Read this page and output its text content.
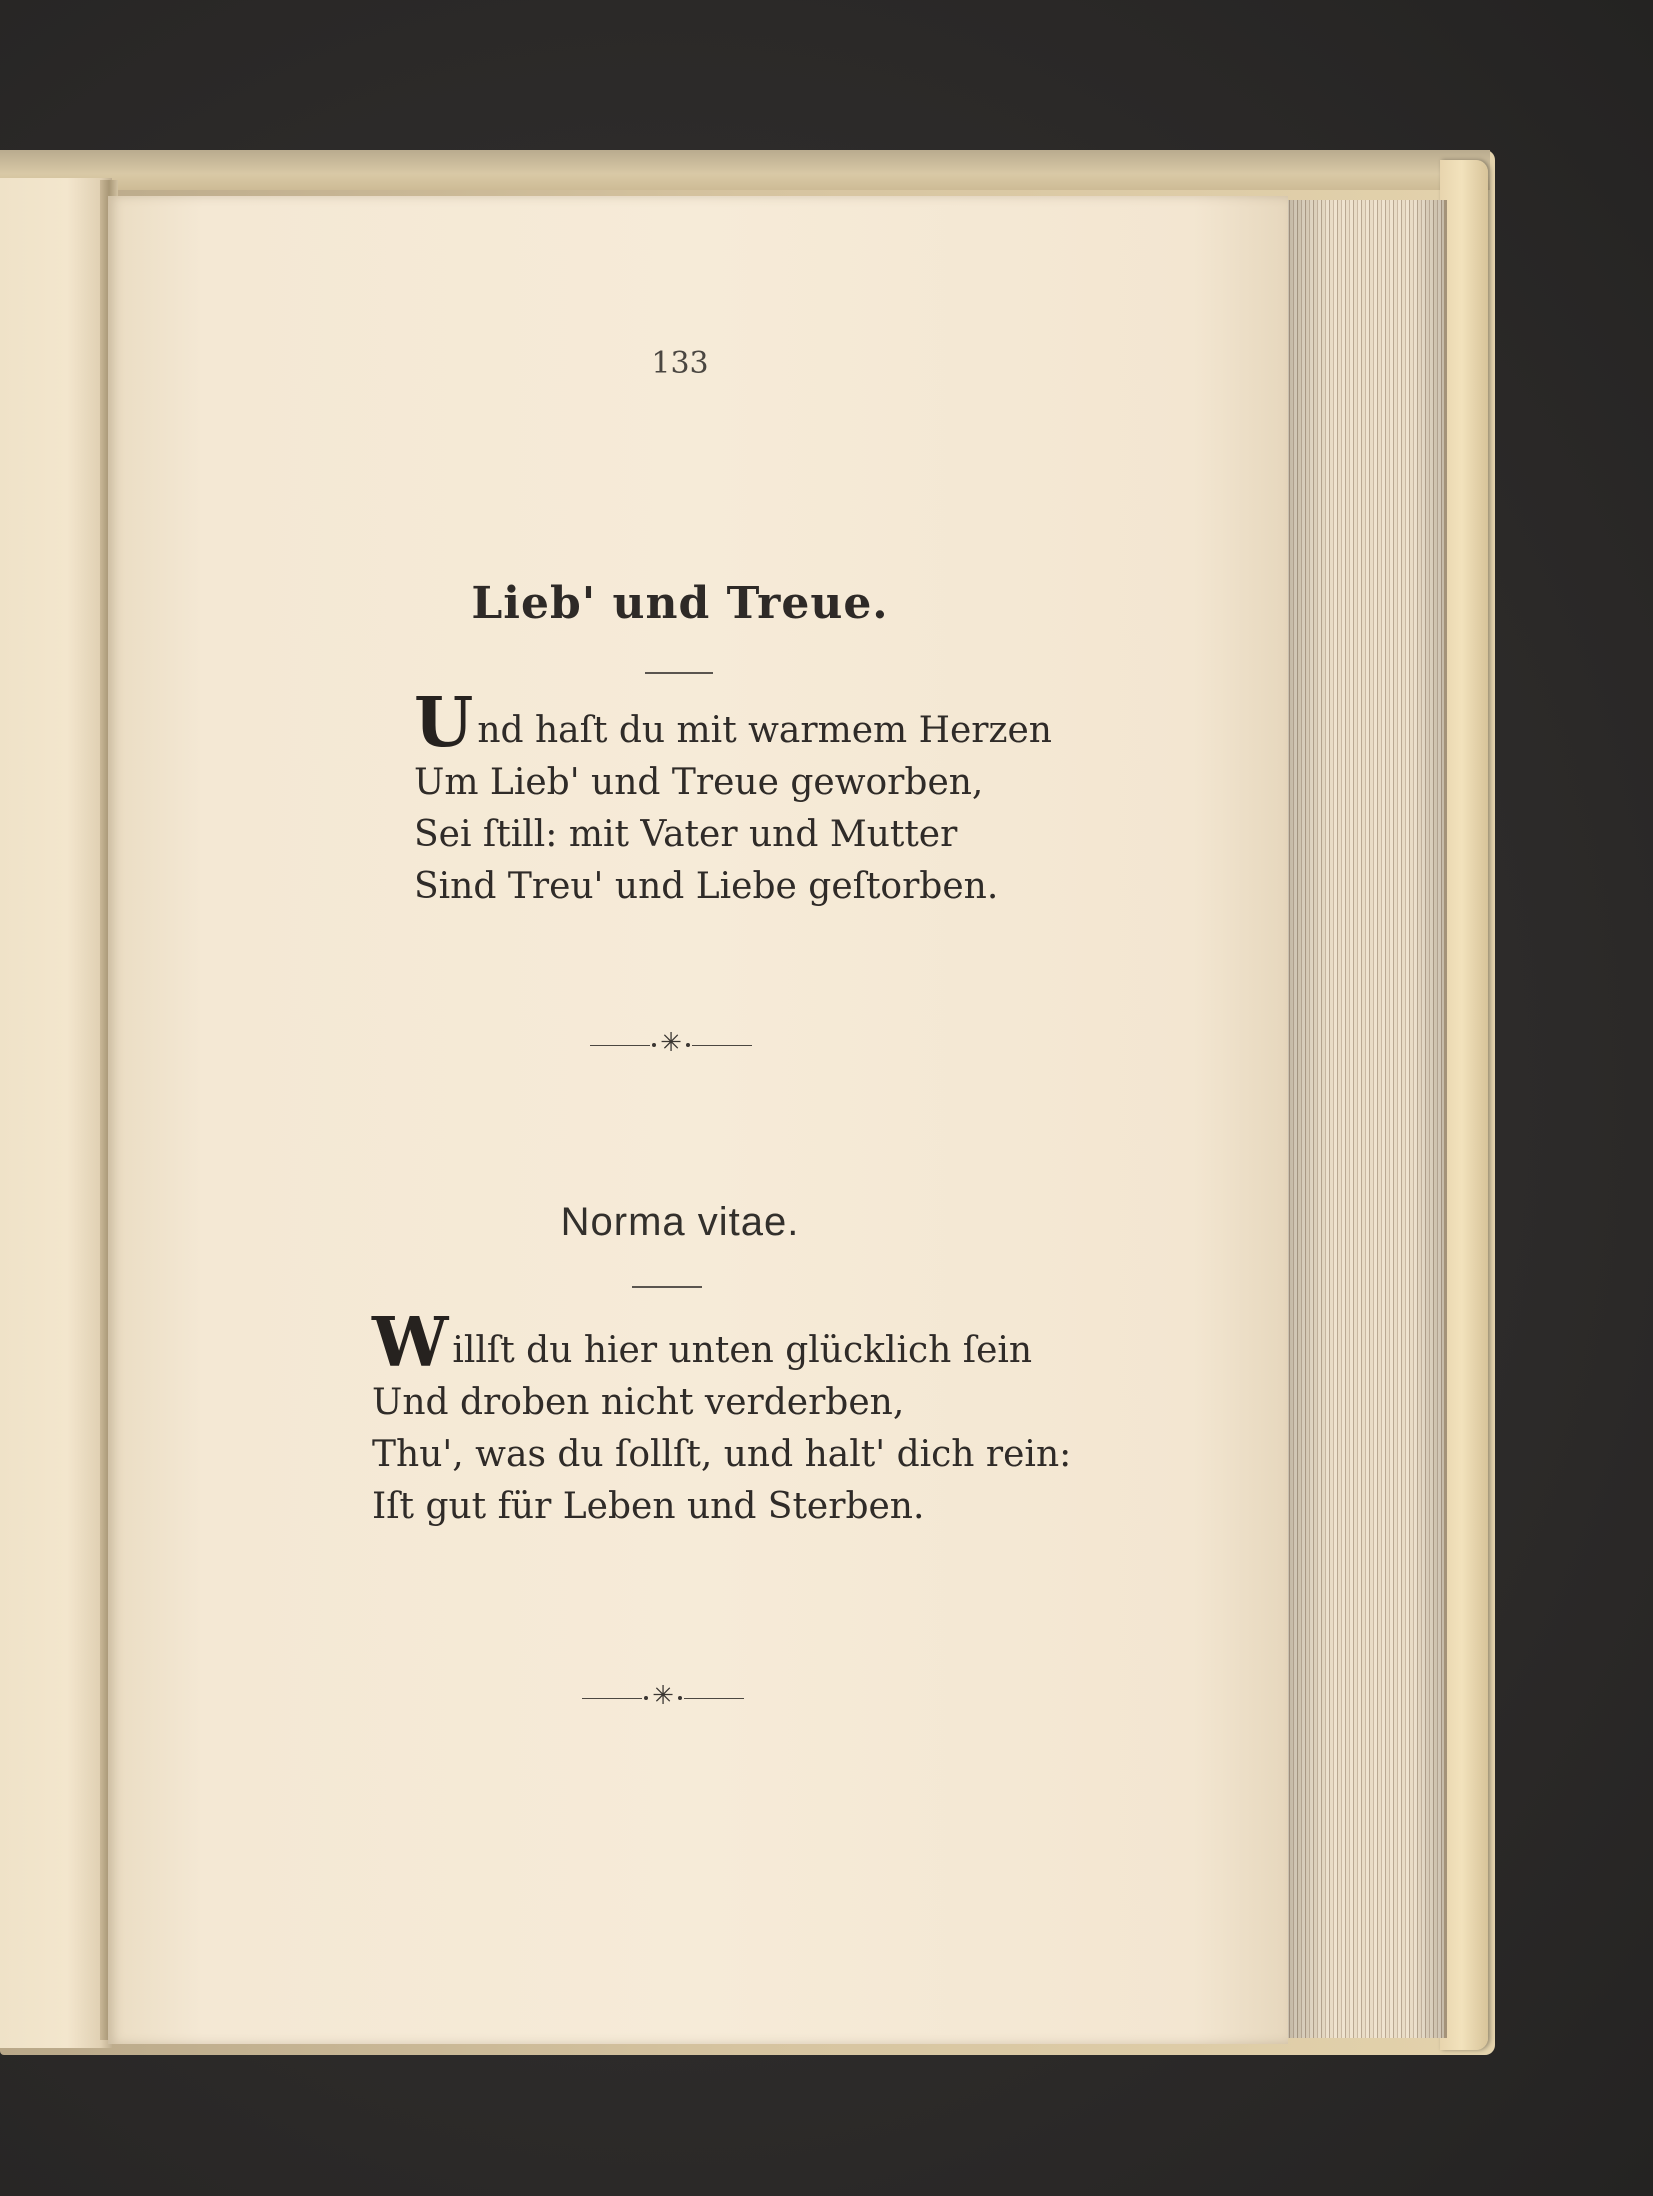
133
Lieb' und Treue.
Und haſt du mit warmem Herzen
Um Lieb' und Treue geworben,
Sei ſtill: mit Vater und Mutter
Sind Treu' und Liebe geſtorben.
✳
Norma vitae.
Willſt du hier unten glücklich ſein
Und droben nicht verderben,
Thu', was du ſollſt, und halt' dich rein:
Iſt gut für Leben und Sterben.
✳
